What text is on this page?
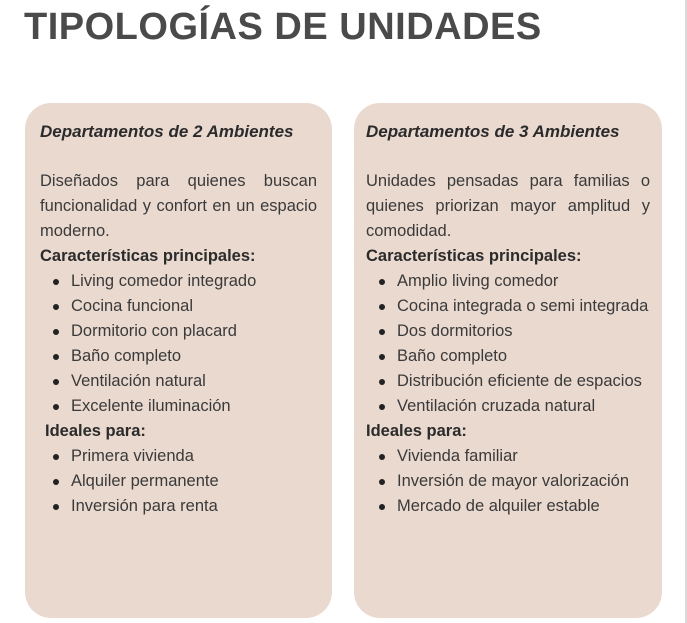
TIPOLOGÍAS DE UNIDADES

Departamentos de 2 Ambientes

Diseñados para quienes buscan funcionalidad y confort en un espacio moderno.

Características principales:

Living comedor integrado
Cocina funcional
Dormitorio con placard
Baño completo
Ventilación natural
Excelente iluminación

Ideales para:

Primera vivienda
Alquiler permanente
Inversión para renta

Departamentos de 3 Ambientes

Unidades pensadas para familias o quienes priorizan mayor amplitud y comodidad.

Características principales:

Amplio living comedor
Cocina integrada o semi integrada
Dos dormitorios
Baño completo
Distribución eficiente de espacios
Ventilación cruzada natural

Ideales para:

Vivienda familiar
Inversión de mayor valorización
Mercado de alquiler estable
